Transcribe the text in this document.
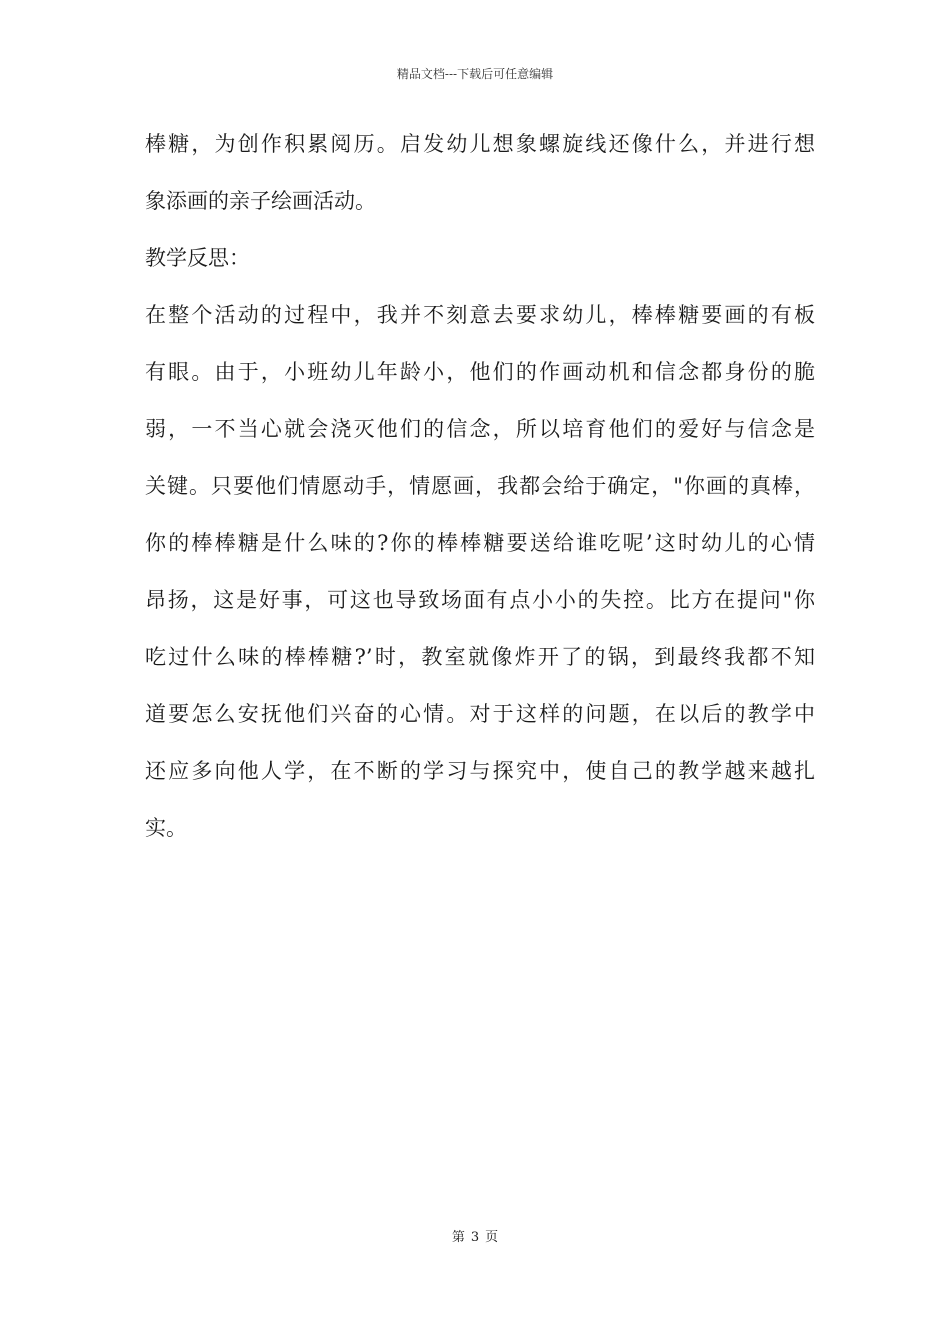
精品文档---下载后可任意编辑
棒糖，为创作积累阅历。启发幼儿想象螺旋线还像什么，并进行想
象添画的亲子绘画活动。
教学反思：
在整个活动的过程中，我并不刻意去要求幼儿，棒棒糖要画的有板
有眼。由于，小班幼儿年龄小，他们的作画动机和信念都身份的脆
弱，一不当心就会浇灭他们的信念，所以培育他们的爱好与信念是
关键。只要他们情愿动手，情愿画，我都会给于确定，"你画的真棒，
你的棒棒糖是什么味的?你的棒棒糖要送给谁吃呢’这时幼儿的心情
昂扬，这是好事，可这也导致场面有点小小的失控。比方在提问"你
吃过什么味的棒棒糖?’时，教室就像炸开了的锅，到最终我都不知
道要怎么安抚他们兴奋的心情。对于这样的问题，在以后的教学中
还应多向他人学，在不断的学习与探究中，使自己的教学越来越扎
实。
第 3 页
